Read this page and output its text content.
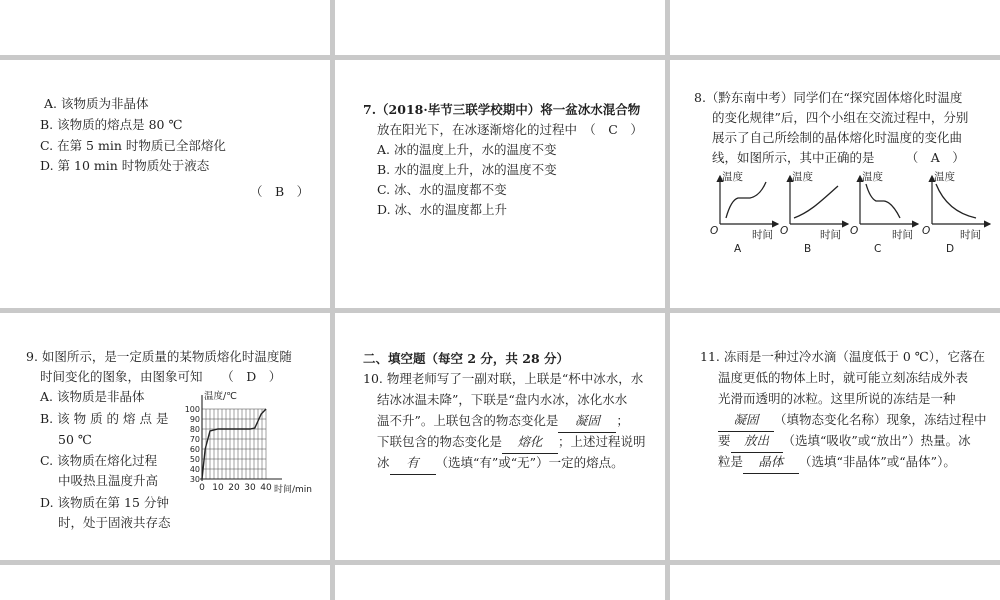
A. 该物质为非晶体
B. 该物质的熔点是 80 ℃
C. 在第 5 min 时物质已全部熔化
D. 第 10 min 时物质处于液态
（　B　）
7.（2018·毕节三联学校期中）将一盆冰水混合物
放在阳光下，在冰逐渐熔化的过程中　（　C　）
A. 冰的温度上升，水的温度不变
B. 水的温度上升，冰的温度不变
C. 冰、水的温度都不变
D. 冰、水的温度都上升
8.（黔东南中考）同学们在“探究固体熔化时温度
的变化规律”后，四个小组在交流过程中，分别
展示了自己所绘制的晶体熔化时温度的变化曲
线，如图所示，其中正确的是　　　（　A　）
温度
时间
O
A
温度
时间
O
B
温度
时间
O
C
温度
时间
O
D
9. 如图所示，是一定质量的某物质熔化时温度随
时间变化的图象，由图象可知　　（　D　）
A. 该物质是非晶体
B. 该 物 质 的 熔 点 是
50 ℃
C. 该物质在熔化过程
中吸热且温度升高
D. 该物质在第 15 分钟
时，处于固液共存态
30
40
50
60
70
80
90
100
0 10 20 30 40
温度/℃
时间/min
二、填空题（每空 2 分，共 28 分）
10. 物理老师写了一副对联，上联是“杯中冰水，水
结冰冰温未降”，下联是“盘内水冰，冰化水水
温不升”。上联包含的物态变化是 凝固 ；
下联包含的物态变化是 熔化 ；上述过程说明
冰 有 （选填“有”或“无”）一定的熔点。
11. 冻雨是一种过冷水滴（温度低于 0 ℃），它落在
温度更低的物体上时，就可能立刻冻结成外表
光滑而透明的冰粒。这里所说的冻结是一种
凝固 （填物态变化名称）现象，冻结过程中
要 放出 （选填“吸收”或“放出”）热量。冰
粒是 晶体 （选填“非晶体”或“晶体”）。
